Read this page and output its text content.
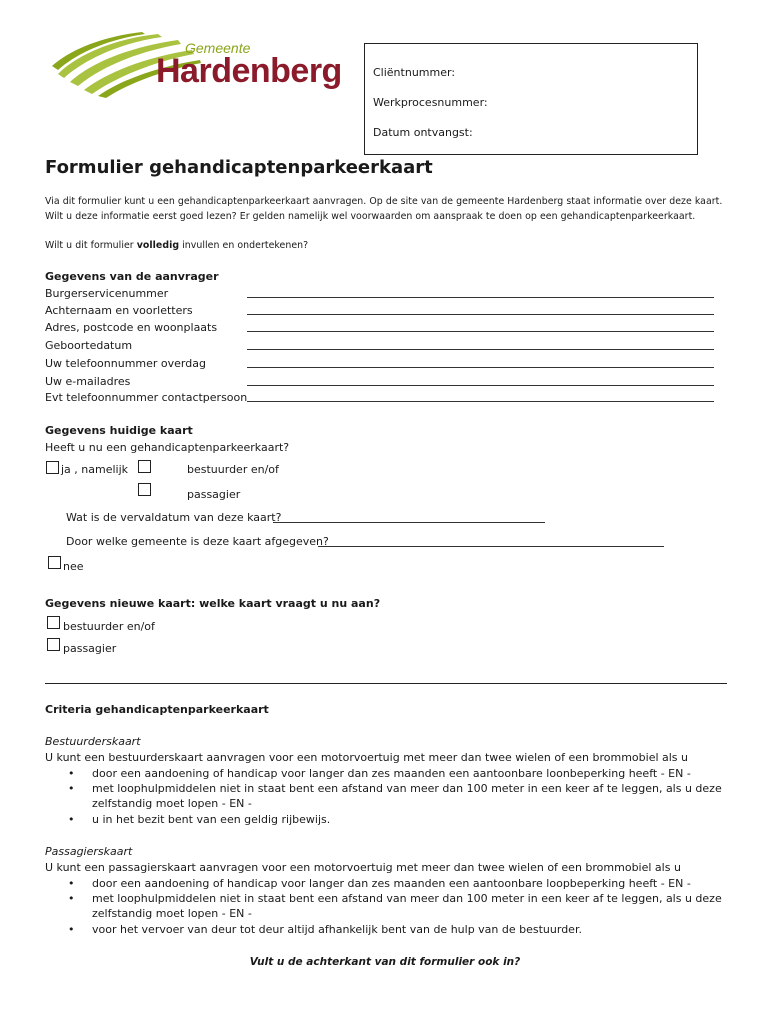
Gemeente
Hardenberg	Cliëntnummer:
Werkprocesnummer:
Datum ontvangst:
Formulier gehandicaptenparkeerkaart
Via dit formulier kunt u een gehandicaptenparkeerkaart aanvragen. Op de site van de gemeente Hardenberg staat informatie over deze kaart.
Wilt u deze informatie eerst goed lezen? Er gelden namelijk wel voorwaarden om aanspraak te doen op een gehandicaptenparkeerkaart.
Wilt u dit formulier volledig invullen en ondertekenen?
Gegevens van de aanvrager
Burgerservicenummer
Achternaam en voorletters
Adres, postcode en woonplaats
Geboortedatum
Uw telefoonnummer overdag
Uw e-mailadres
Evt telefoonnummer contactpersoon
Gegevens huidige kaart
Heeft u nu een gehandicaptenparkeerkaart?
ja , namelijk	bestuurder en/of
passagier
Wat is de vervaldatum van deze kaart?
Door welke gemeente is deze kaart afgegeven?
nee
Gegevens nieuwe kaart: welke kaart vraagt u nu aan?
bestuurder en/of
passagier
Criteria gehandicaptenparkeerkaart
Bestuurderskaart
U kunt een bestuurderskaart aanvragen voor een motorvoertuig met meer dan twee wielen of een brommobiel als u
• door een aandoening of handicap voor langer dan zes maanden een aantoonbare loonbeperking heeft - EN -
• met loophulpmiddelen niet in staat bent een afstand van meer dan 100 meter in een keer af te leggen, als u deze
zelfstandig moet lopen - EN -
• u in het bezit bent van een geldig rijbewijs.
Passagierskaart
U kunt een passagierskaart aanvragen voor een motorvoertuig met meer dan twee wielen of een brommobiel als u
• door een aandoening of handicap voor langer dan zes maanden een aantoonbare loopbeperking heeft - EN -
• met loophulpmiddelen niet in staat bent een afstand van meer dan 100 meter in een keer af te leggen, als u deze
zelfstandig moet lopen - EN -
• voor het vervoer van deur tot deur altijd afhankelijk bent van de hulp van de bestuurder.
Vult u de achterkant van dit formulier ook in?
